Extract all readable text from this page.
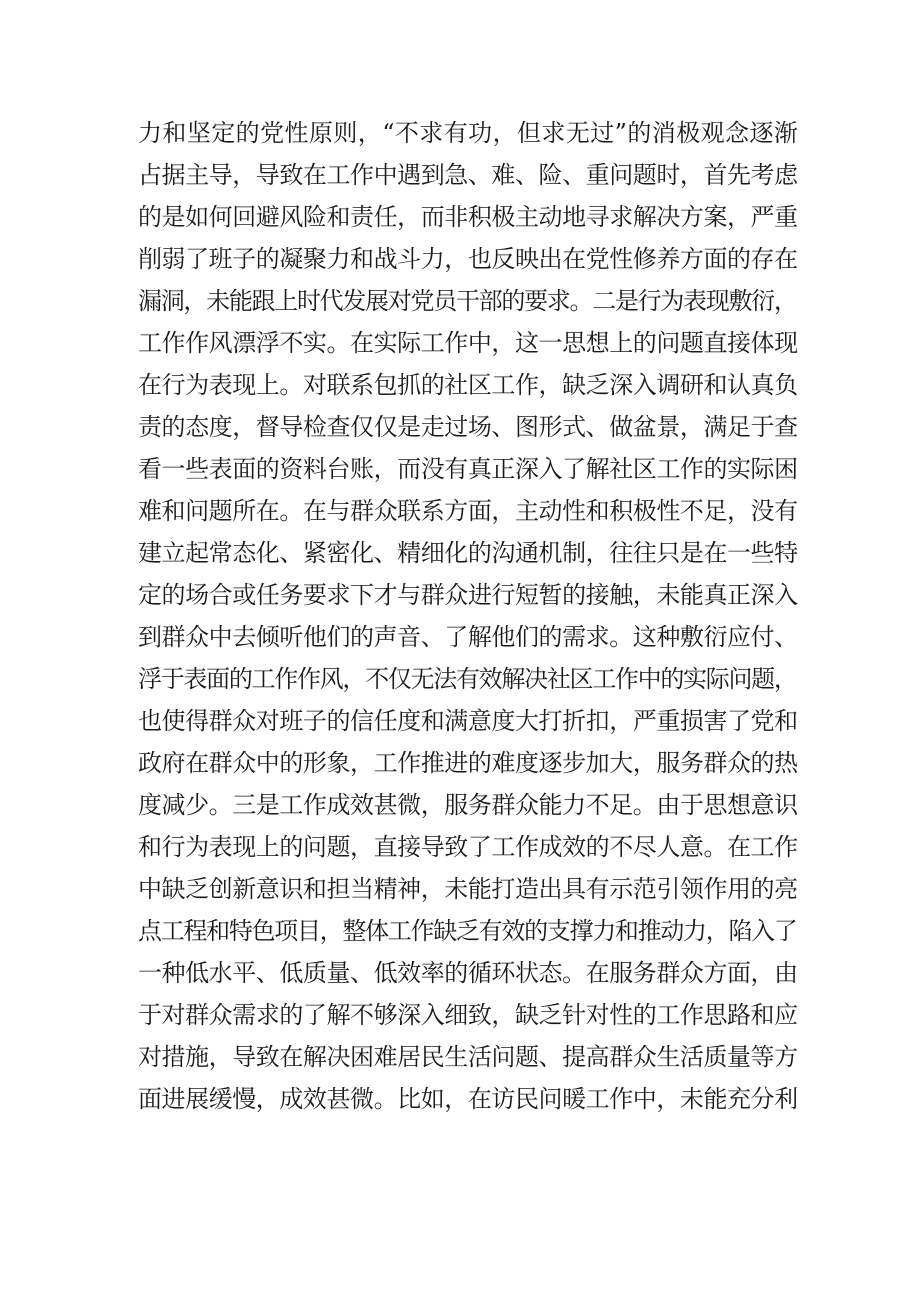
力和坚定的党性原则，“不求有功，但求无过”的消极观念逐渐
占据主导，导致在工作中遇到急、难、险、重问题时，首先考虑
的是如何回避风险和责任，而非积极主动地寻求解决方案，严重
削弱了班子的凝聚力和战斗力，也反映出在党性修养方面的存在
漏洞，未能跟上时代发展对党员干部的要求。二是行为表现敷衍，
工作作风漂浮不实。在实际工作中，这一思想上的问题直接体现
在行为表现上。对联系包抓的社区工作，缺乏深入调研和认真负
责的态度，督导检查仅仅是走过场、图形式、做盆景，满足于查
看一些表面的资料台账，而没有真正深入了解社区工作的实际困
难和问题所在。在与群众联系方面，主动性和积极性不足，没有
建立起常态化、紧密化、精细化的沟通机制，往往只是在一些特
定的场合或任务要求下才与群众进行短暂的接触，未能真正深入
到群众中去倾听他们的声音、了解他们的需求。这种敷衍应付、
浮于表面的工作作风，不仅无法有效解决社区工作中的实际问题，
也使得群众对班子的信任度和满意度大打折扣，严重损害了党和
政府在群众中的形象，工作推进的难度逐步加大，服务群众的热
度减少。三是工作成效甚微，服务群众能力不足。由于思想意识
和行为表现上的问题，直接导致了工作成效的不尽人意。在工作
中缺乏创新意识和担当精神，未能打造出具有示范引领作用的亮
点工程和特色项目，整体工作缺乏有效的支撑力和推动力，陷入了
一种低水平、低质量、低效率的循环状态。在服务群众方面，由
于对群众需求的了解不够深入细致，缺乏针对性的工作思路和应
对措施，导致在解决困难居民生活问题、提高群众生活质量等方
面进展缓慢，成效甚微。比如，在访民问暖工作中，未能充分利
